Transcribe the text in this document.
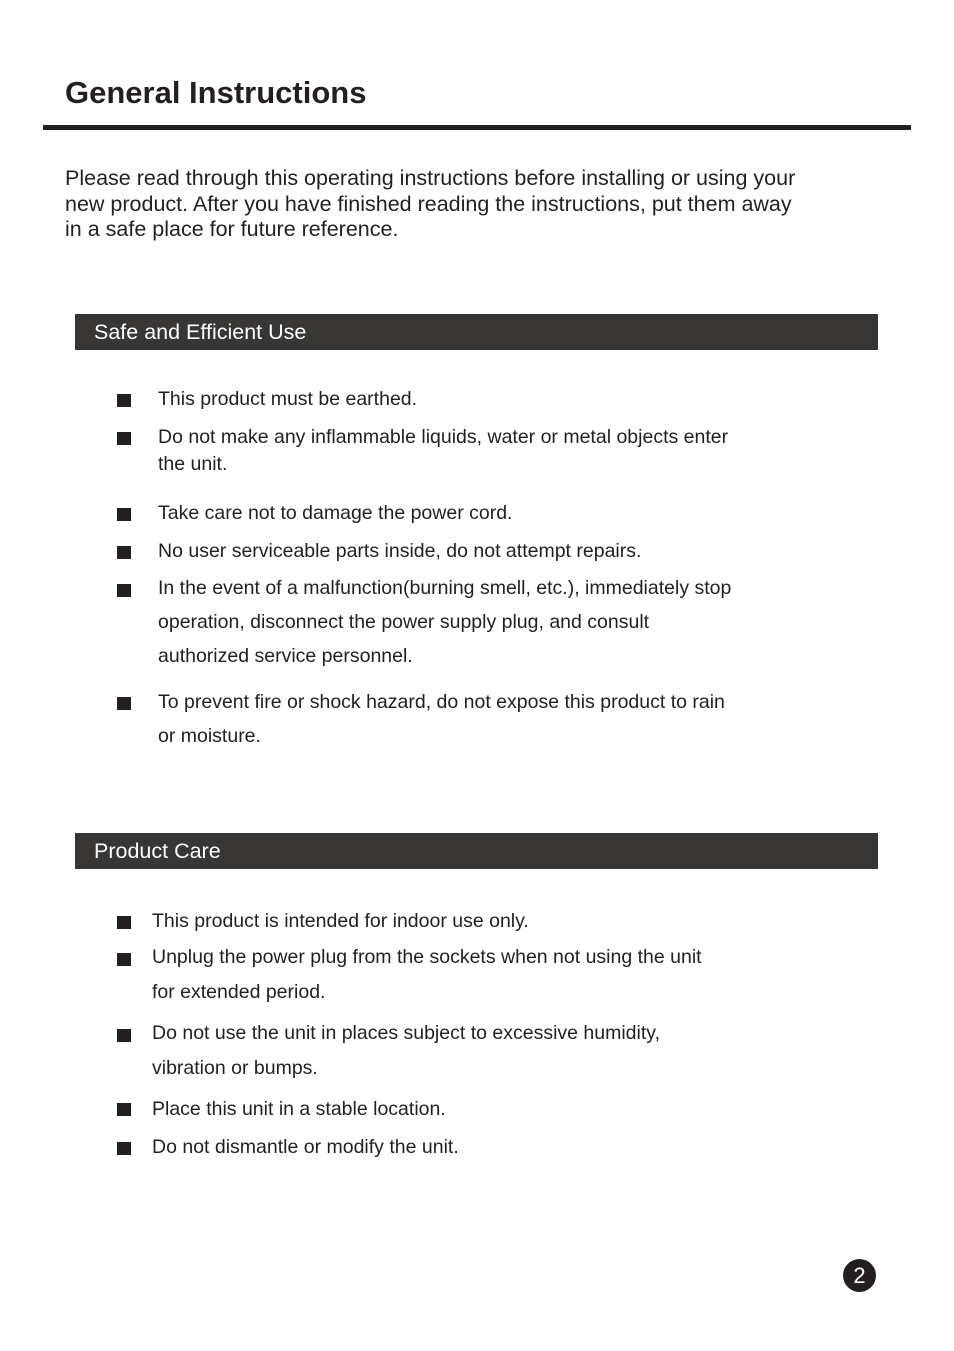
General Instructions

Please read through this operating instructions before installing or using your new product. After you have finished reading the instructions, put them away in a safe place for future reference.

Safe and Efficient Use

This product must be earthed.

Do not make any inflammable liquids, water or metal objects enter the unit.

Take care not to damage the power cord.

No user serviceable parts inside, do not attempt repairs.

In the event of a malfunction(burning smell, etc.), immediately stop operation, disconnect the power supply plug, and consult authorized service personnel.

To prevent fire or shock hazard, do not expose this product to rain or moisture.

Product Care

This product is intended for indoor use only.

Unplug the power plug from the sockets when not using the unit for extended period.

Do not use the unit in places subject to excessive humidity, vibration or bumps.

Place this unit in a stable location.

Do not dismantle or modify the unit.

2
